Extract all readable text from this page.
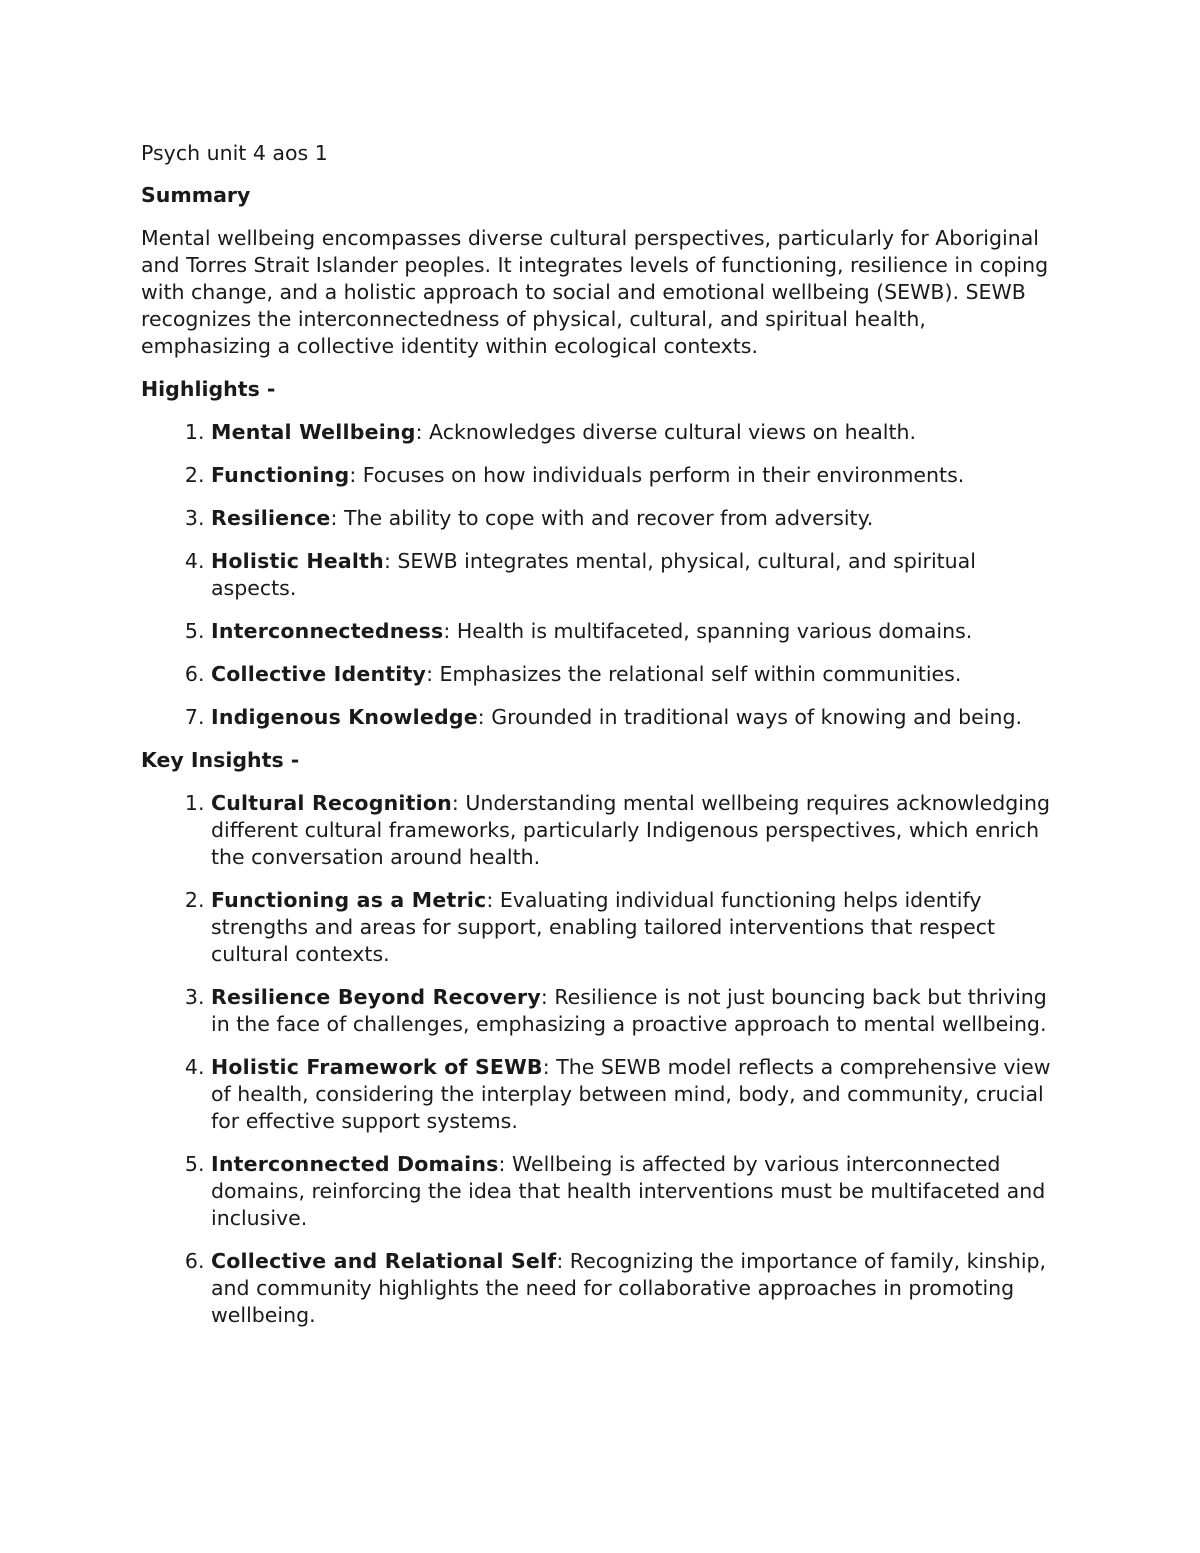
Psych unit 4 aos 1

Summary

Mental wellbeing encompasses diverse cultural perspectives, particularly for Aboriginal and Torres Strait Islander peoples. It integrates levels of functioning, resilience in coping with change, and a holistic approach to social and emotional wellbeing (SEWB). SEWB recognizes the interconnectedness of physical, cultural, and spiritual health, emphasizing a collective identity within ecological contexts.

Highlights -

1. Mental Wellbeing: Acknowledges diverse cultural views on health.
2. Functioning: Focuses on how individuals perform in their environments.
3. Resilience: The ability to cope with and recover from adversity.
4. Holistic Health: SEWB integrates mental, physical, cultural, and spiritual aspects.
5. Interconnectedness: Health is multifaceted, spanning various domains.
6. Collective Identity: Emphasizes the relational self within communities.
7. Indigenous Knowledge: Grounded in traditional ways of knowing and being.

Key Insights -

1. Cultural Recognition: Understanding mental wellbeing requires acknowledging different cultural frameworks, particularly Indigenous perspectives, which enrich the conversation around health.
2. Functioning as a Metric: Evaluating individual functioning helps identify strengths and areas for support, enabling tailored interventions that respect cultural contexts.
3. Resilience Beyond Recovery: Resilience is not just bouncing back but thriving in the face of challenges, emphasizing a proactive approach to mental wellbeing.
4. Holistic Framework of SEWB: The SEWB model reflects a comprehensive view of health, considering the interplay between mind, body, and community, crucial for effective support systems.
5. Interconnected Domains: Wellbeing is affected by various interconnected domains, reinforcing the idea that health interventions must be multifaceted and inclusive.
6. Collective and Relational Self: Recognizing the importance of family, kinship, and community highlights the need for collaborative approaches in promoting wellbeing.
